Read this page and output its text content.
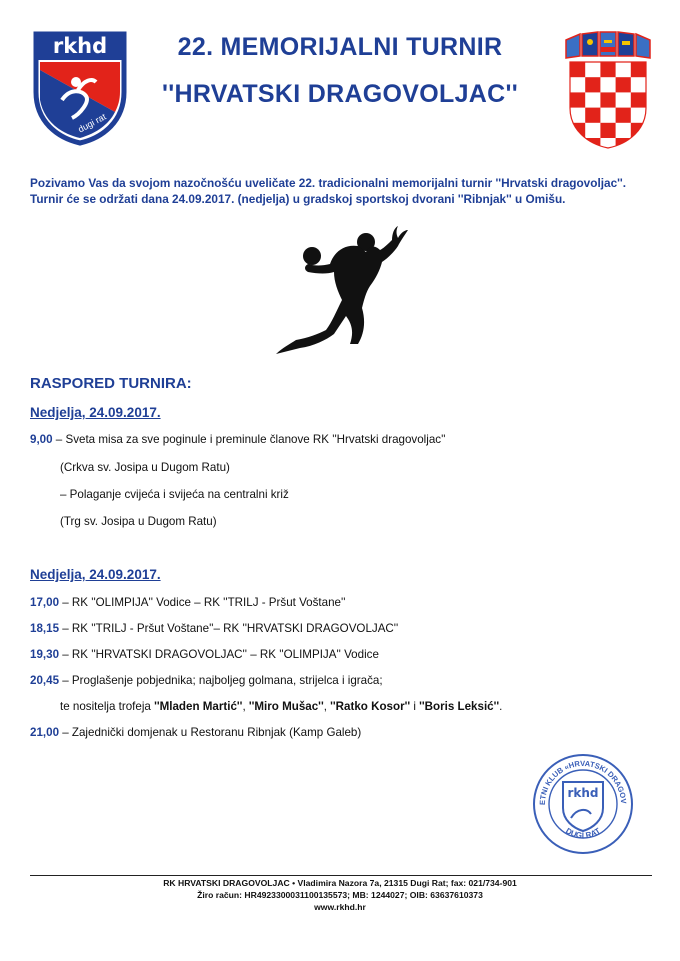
rkhd
dugi rat
22. MEMORIJALNI TURNIR
''HRVATSKI DRAGOVOLJAC''
Pozivamo Vas da svojom nazočnošću uveličate 22. tradicionalni memorijalni turnir ''Hrvatski dragovoljac''.
Turnir će se održati dana 24.09.2017. (nedjelja) u gradskoj sportskoj dvorani ''Ribnjak'' u Omišu.
RASPORED TURNIRA:
Nedjelja, 24.09.2017.
9,00 – Sveta misa za sve poginule i preminule članove RK ''Hrvatski dragovoljac''
(Crkva sv. Josipa u Dugom Ratu)
– Polaganje cvijeća i svijeća na centralni križ
(Trg sv. Josipa u Dugom Ratu)
Nedjelja, 24.09.2017.
17,00 – RK ''OLIMPIJA'' Vodice – RK ''TRILJ - Pršut Voštane''
18,15 – RK ''TRILJ - Pršut Voštane''– RK ''HRVATSKI DRAGOVOLJAC''
19,30 – RK ''HRVATSKI DRAGOVOLJAC'' – RK ''OLIMPIJA'' Vodice
20,45 – Proglašenje pobjednika; najboljeg golmana, strijelca i igrača;
te nositelja trofeja ''Mladen Martić'', ''Miro Mušac'', ''Ratko Kosor'' i ''Boris Leksić''.
21,00 – Zajednički domjenak u Restoranu Ribnjak (Kamp Galeb)
ETNI KLUB «HRVATSKI DRAGOV
DUGI RAT
rkhd
RK HRVATSKI DRAGOVOLJAC • Vladimira Nazora 7a, 21315 Dugi Rat; fax: 021/734-901
Žiro račun: HR4923300031100135573; MB: 1244027; OIB: 63637610373
www.rkhd.hr
